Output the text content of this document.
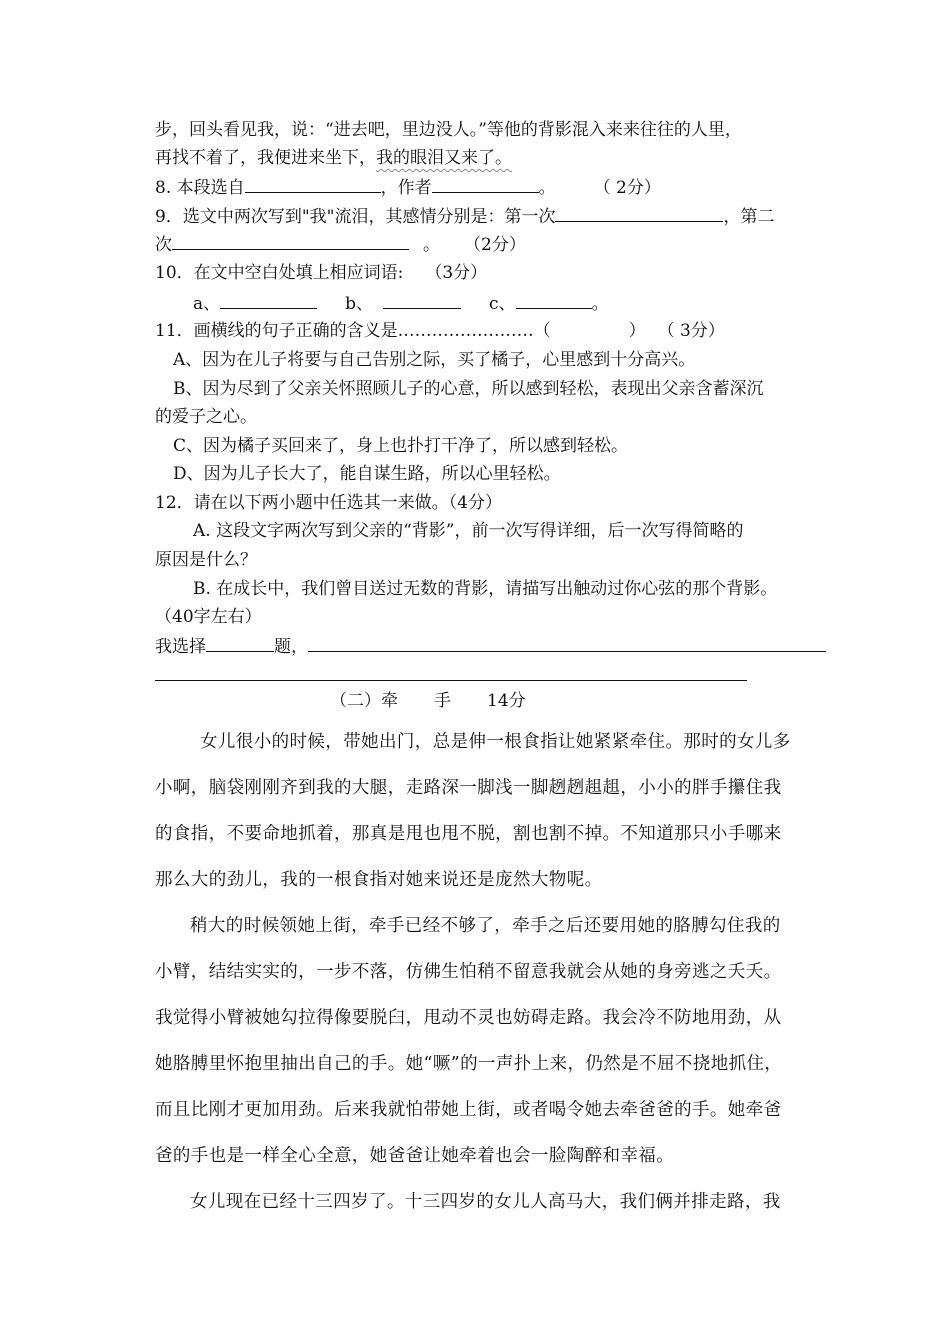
步，回头看见我，说：“进去吧，里边没人。”等他的背影混入来来往往的人里，
再找不着了，我便进来坐下，我的眼泪又来了。
8. 本段选自	，作者	。 （ 2分）
9．选文中两次写到"我"流泪，其感情分别是：第一次	，第二
次	。 （2分）
10．在文中空白处填上相应词语: （3分）
a、	b、	c、	。
11．画横线的句子正确的含义是……………………（	） （ 3分）
A、因为在儿子将要与自己告别之际，买了橘子，心里感到十分高兴。
B、因为尽到了父亲关怀照顾儿子的心意，所以感到轻松，表现出父亲含蓄深沉
的爱子之心。
C、因为橘子买回来了，身上也扑打干净了，所以感到轻松。
D、因为儿子长大了，能自谋生路，所以心里轻松。
12．请在以下两小题中任选其一来做。（4分）
A. 这段文字两次写到父亲的“背影”，前一次写得详细，后一次写得简略的
原因是什么？
B. 在成长中，我们曾目送过无数的背影，请描写出触动过你心弦的那个背影。
（40字左右）
我选择	题，
（二）牵 手 14分
女儿很小的时候，带她出门，总是伸一根食指让她紧紧牵住。那时的女儿多
小啊，脑袋刚刚齐到我的大腿，走路深一脚浅一脚趔趔趄趄，小小的胖手攥住我
的食指，不要命地抓着，那真是甩也甩不脱，割也割不掉。不知道那只小手哪来
那么大的劲儿，我的一根食指对她来说还是庞然大物呢。
稍大的时候领她上街，牵手已经不够了，牵手之后还要用她的胳膊勾住我的
小臂，结结实实的，一步不落，仿佛生怕稍不留意我就会从她的身旁逃之夭夭。
我觉得小臂被她勾拉得像要脱臼，甩动不灵也妨碍走路。我会冷不防地用劲，从
她胳膊里怀抱里抽出自己的手。她“噘”的一声扑上来，仍然是不屈不挠地抓住，
而且比刚才更加用劲。后来我就怕带她上街，或者喝令她去牵爸爸的手。她牵爸
爸的手也是一样全心全意，她爸爸让她牵着也会一脸陶醉和幸福。
女儿现在已经十三四岁了。十三四岁的女儿人高马大，我们俩并排走路，我
